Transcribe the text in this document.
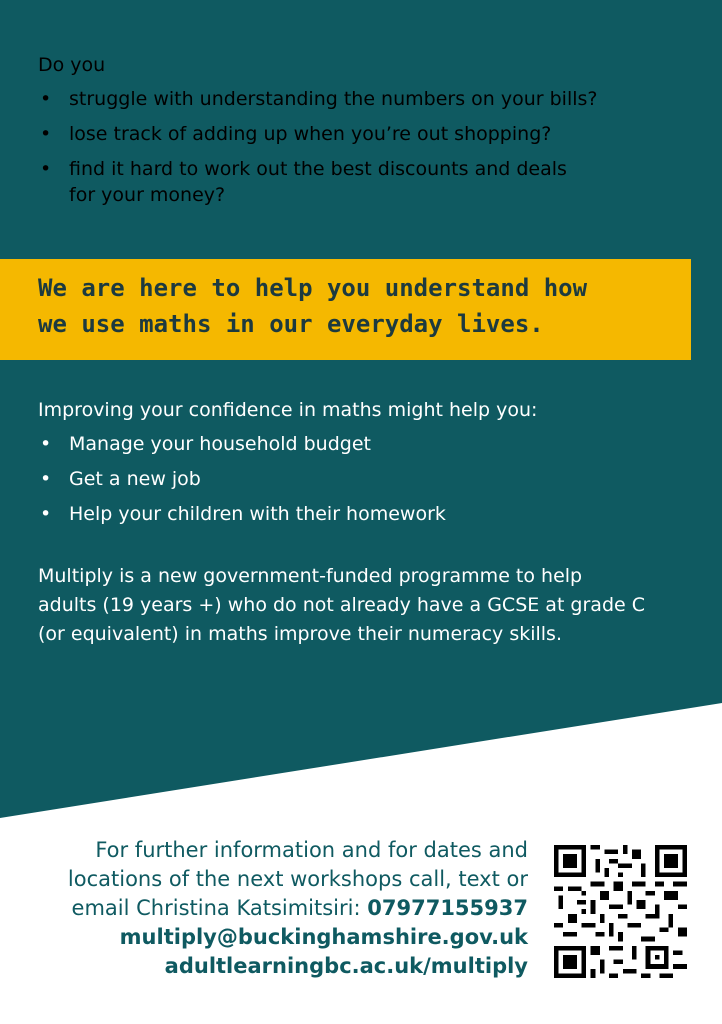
Do you

• struggle with understanding the numbers on your bills?
• lose track of adding up when you’re out shopping?
• find it hard to work out the best discounts and deals
for your money?
We are here to help you understand how
we use maths in our everyday lives.

Improving your confidence in maths might help you:

• Manage your household budget
• Get a new job
• Help your children with their homework
Multiply is a new government-funded programme to help
adults (19 years +) who do not already have a GCSE at grade C
(or equivalent) in maths improve their numeracy skills.
For further information and for dates and
locations of the next workshops call, text or
email Christina Katsimitsiri: 07977155937
multiply@buckinghamshire.gov.uk
adultlearningbc.ac.uk/multiply
